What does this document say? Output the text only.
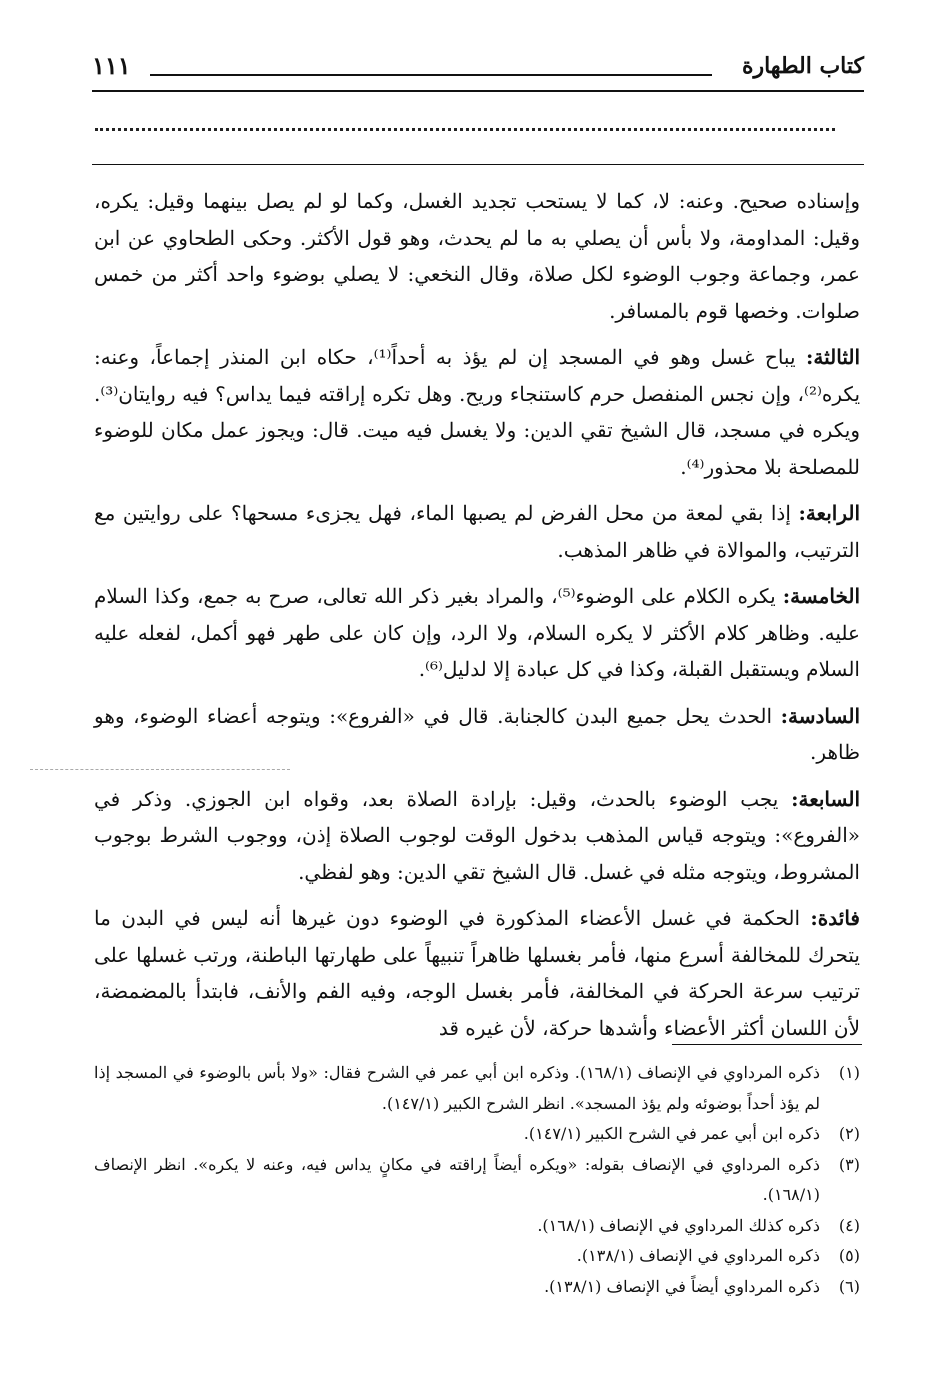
كتاب الطهارة
١١١

وإسناده صحيح. وعنه: لا، كما لا يستحب تجديد الغسل، وكما لو لم يصل بينهما وقيل: يكره، وقيل: المداومة، ولا بأس أن يصلي به ما لم يحدث، وهو قول الأكثر. وحكى الطحاوي عن ابن عمر، وجماعة وجوب الوضوء لكل صلاة، وقال النخعي: لا يصلي بوضوء واحد أكثر من خمس صلوات. وخصها قوم بالمسافر.

الثالثة: يباح غسل وهو في المسجد إن لم يؤذ به أحداً⁽¹⁾، حكاه ابن المنذر إجماعاً، وعنه: يكره⁽²⁾، وإن نجس المنفصل حرم كاستنجاء وريح. وهل تكره إراقته فيما يداس؟ فيه روايتان⁽³⁾. ويكره في مسجد، قال الشيخ تقي الدين: ولا يغسل فيه ميت. قال: ويجوز عمل مكان للوضوء للمصلحة بلا محذور⁽⁴⁾.

الرابعة: إذا بقي لمعة من محل الفرض لم يصبها الماء، فهل يجزىء مسحها؟ على روايتين مع الترتيب، والموالاة في ظاهر المذهب.

الخامسة: يكره الكلام على الوضوء⁽⁵⁾، والمراد بغير ذكر الله تعالى، صرح به جمع، وكذا السلام عليه. وظاهر كلام الأكثر لا يكره السلام، ولا الرد، وإن كان على طهر فهو أكمل، لفعله عليه السلام ويستقبل القبلة، وكذا في كل عبادة إلا لدليل⁽⁶⁾.

السادسة: الحدث يحل جميع البدن كالجنابة. قال في «الفروع»: ويتوجه أعضاء الوضوء، وهو ظاهر.

السابعة: يجب الوضوء بالحدث، وقيل: بإرادة الصلاة بعد، وقواه ابن الجوزي. وذكر في «الفروع»: ويتوجه قياس المذهب بدخول الوقت لوجوب الصلاة إذن، ووجوب الشرط بوجوب المشروط، ويتوجه مثله في غسل. قال الشيخ تقي الدين: وهو لفظي.

فائدة: الحكمة في غسل الأعضاء المذكورة في الوضوء دون غيرها أنه ليس في البدن ما يتحرك للمخالفة أسرع منها، فأمر بغسلها ظاهراً تنبيهاً على طهارتها الباطنة، ورتب غسلها على ترتيب سرعة الحركة في المخالفة، فأمر بغسل الوجه، وفيه الفم والأنف، فابتدأ بالمضمضة، لأن اللسان أكثر الأعضاء وأشدها حركة، لأن غيره قد

(١)
ذكره المرداوي في الإنصاف (١٦٨/١). وذكره ابن أبي عمر في الشرح فقال: «ولا بأس بالوضوء في المسجد إذا لم يؤذ أحداً بوضوئه ولم يؤذ المسجد». انظر الشرح الكبير (١٤٧/١).
(٢)
ذكره ابن أبي عمر في الشرح الكبير (١٤٧/١).
(٣)
ذكره المرداوي في الإنصاف بقوله: «ويكره أيضاً إراقته في مكانٍ يداس فيه، وعنه لا يكره». انظر الإنصاف (١٦٨/١).
(٤)
ذكره كذلك المرداوي في الإنصاف (١٦٨/١).
(٥)
ذكره المرداوي في الإنصاف (١٣٨/١).
(٦)
ذكره المرداوي أيضاً في الإنصاف (١٣٨/١).
